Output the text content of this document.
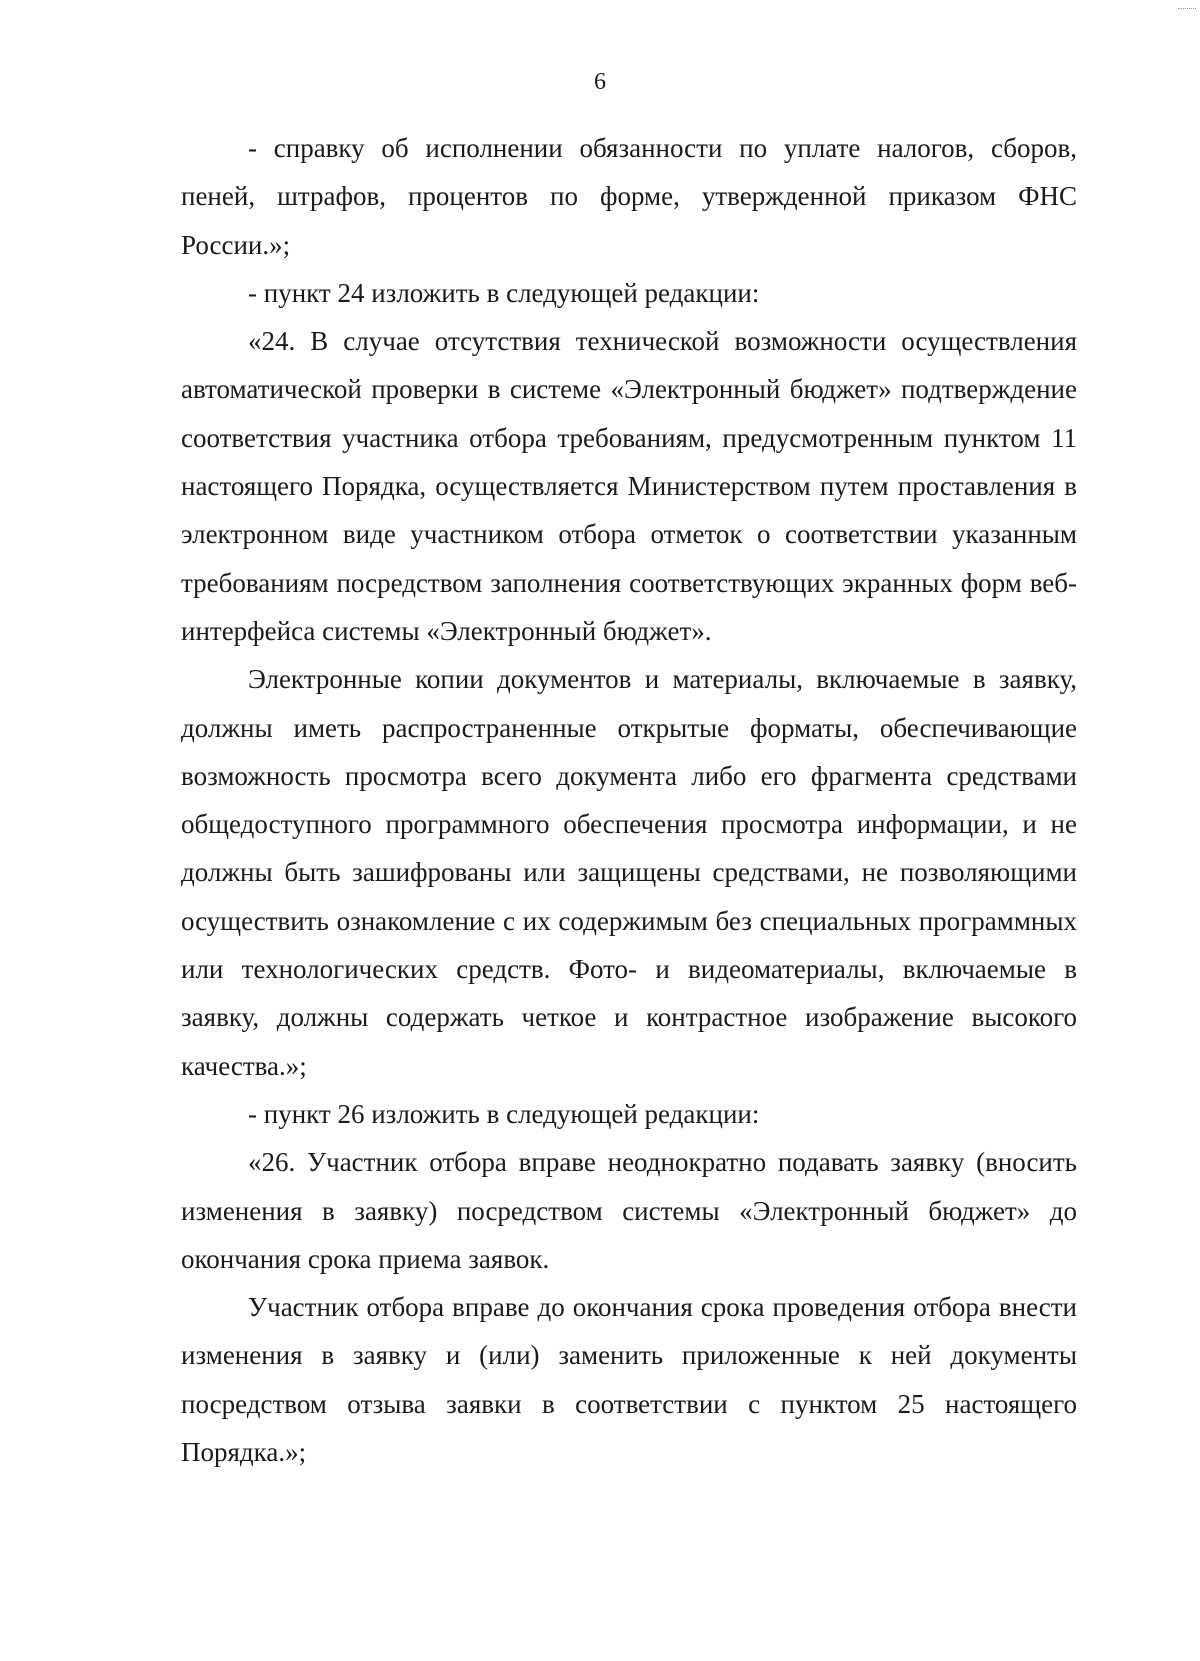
6

- справку об исполнении обязанности по уплате налогов, сборов, пеней, штрафов, процентов по форме, утвержденной приказом ФНС России.»;

- пункт 24 изложить в следующей редакции:

«24. В случае отсутствия технической возможности осуществления автоматической проверки в системе «Электронный бюджет» подтверждение соответствия участника отбора требованиям, предусмотренным пунктом 11 настоящего Порядка, осуществляется Министерством путем проставления в электронном виде участником отбора отметок о соответствии указанным требованиям посредством заполнения соответствующих экранных форм веб-интерфейса системы «Электронный бюджет».

Электронные копии документов и материалы, включаемые в заявку, должны иметь распространенные открытые форматы, обеспечивающие возможность просмотра всего документа либо его фрагмента средствами общедоступного программного обеспечения просмотра информации, и не должны быть зашифрованы или защищены средствами, не позволяющими осуществить ознакомление с их содержимым без специальных программных или технологических средств. Фото- и видеоматериалы, включаемые в заявку, должны содержать четкое и контрастное изображение высокого качества.»;

- пункт 26 изложить в следующей редакции:

«26. Участник отбора вправе неоднократно подавать заявку (вносить изменения в заявку) посредством системы «Электронный бюджет» до окончания срока приема заявок.

Участник отбора вправе до окончания срока проведения отбора внести изменения в заявку и (или) заменить приложенные к ней документы посредством отзыва заявки в соответствии с пунктом 25 настоящего Порядка.»;
